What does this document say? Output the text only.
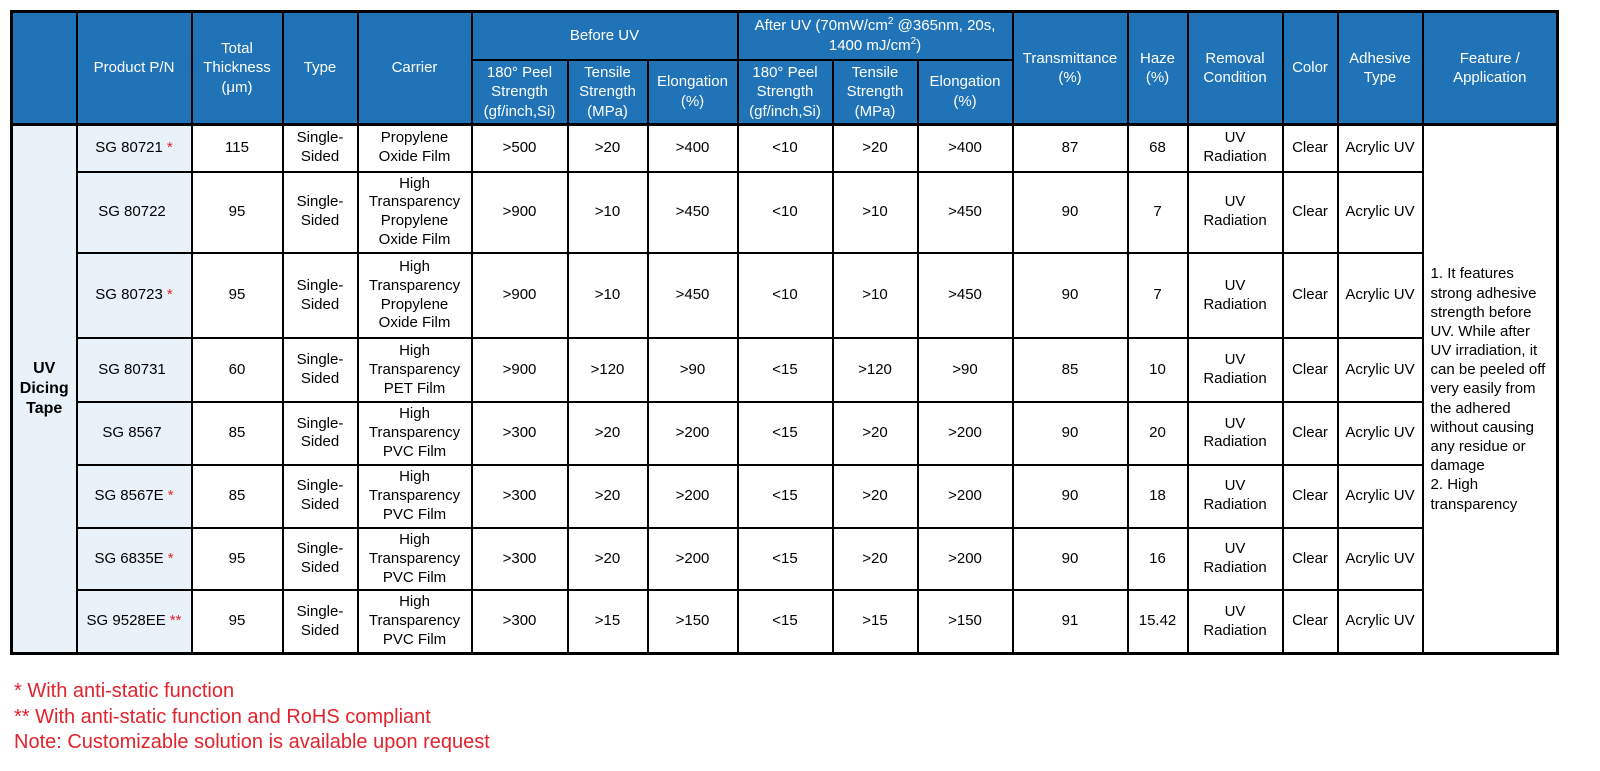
	Product P/N	Total Thickness (μm)	Type	Carrier	Before UV			After UV ($70mW/cm^2$ @365nm, 20s, 1400 $mJ/cm^2$)			Transmittance (%)	Haze (%)	Removal Condition	Color	Adhesive Type	Feature / Application
					180° Peel Strength (gf/inch,Si)	Tensile Strength (MPa)	Elongation (%)	180° Peel Strength (gf/inch,Si)	Tensile Strength (MPa)	Elongation (%)						
UV Dicing Tape	SG 80721 *	115	Single-Sided	Propylene Oxide Film	>500	>20	>400	<10	>20	>400	87	68	UV Radiation	Clear	Acrylic UV	1. It features strong adhesive strength before UV. While after UV irradiation, it can be peeled off very easily from the adhered without causing any residue or damage
2. High transparency

	SG 80722	95	Single-Sided	High Transparency Propylene Oxide Film	>900	>10	>450	<10	>10	>450	90	7	UV Radiation	Clear	Acrylic UV	
	SG 80723 *	95	Single-Sided	High Transparency Propylene Oxide Film	>900	>10	>450	<10	>10	>450	90	7	UV Radiation	Clear	Acrylic UV	
	SG 80731	60	Single-Sided	High Transparency PET Film	>900	>120	>90	<15	>120	>90	85	10	UV Radiation	Clear	Acrylic UV	
	SG 8567	85	Single-Sided	High Transparency PVC Film	>300	>20	>200	<15	>20	>200	90	20	UV Radiation	Clear	Acrylic UV	
	SG 8567E *	85	Single-Sided	High Transparency PVC Film	>300	>20	>200	<15	>20	>200	90	18	UV Radiation	Clear	Acrylic UV	
	SG 6835E *	95	Single-Sided	High Transparency PVC Film	>300	>20	>200	<15	>20	>200	90	16	UV Radiation	Clear	Acrylic UV	
	SG 9528EE **	95	Single-Sided	High Transparency PVC Film	>300	>15	>150	<15	>15	>150	91	15.42	UV Radiation	Clear	Acrylic UV	
* With anti-static function
** With anti-static function and RoHS compliant
Note: Customizable solution is available upon request
